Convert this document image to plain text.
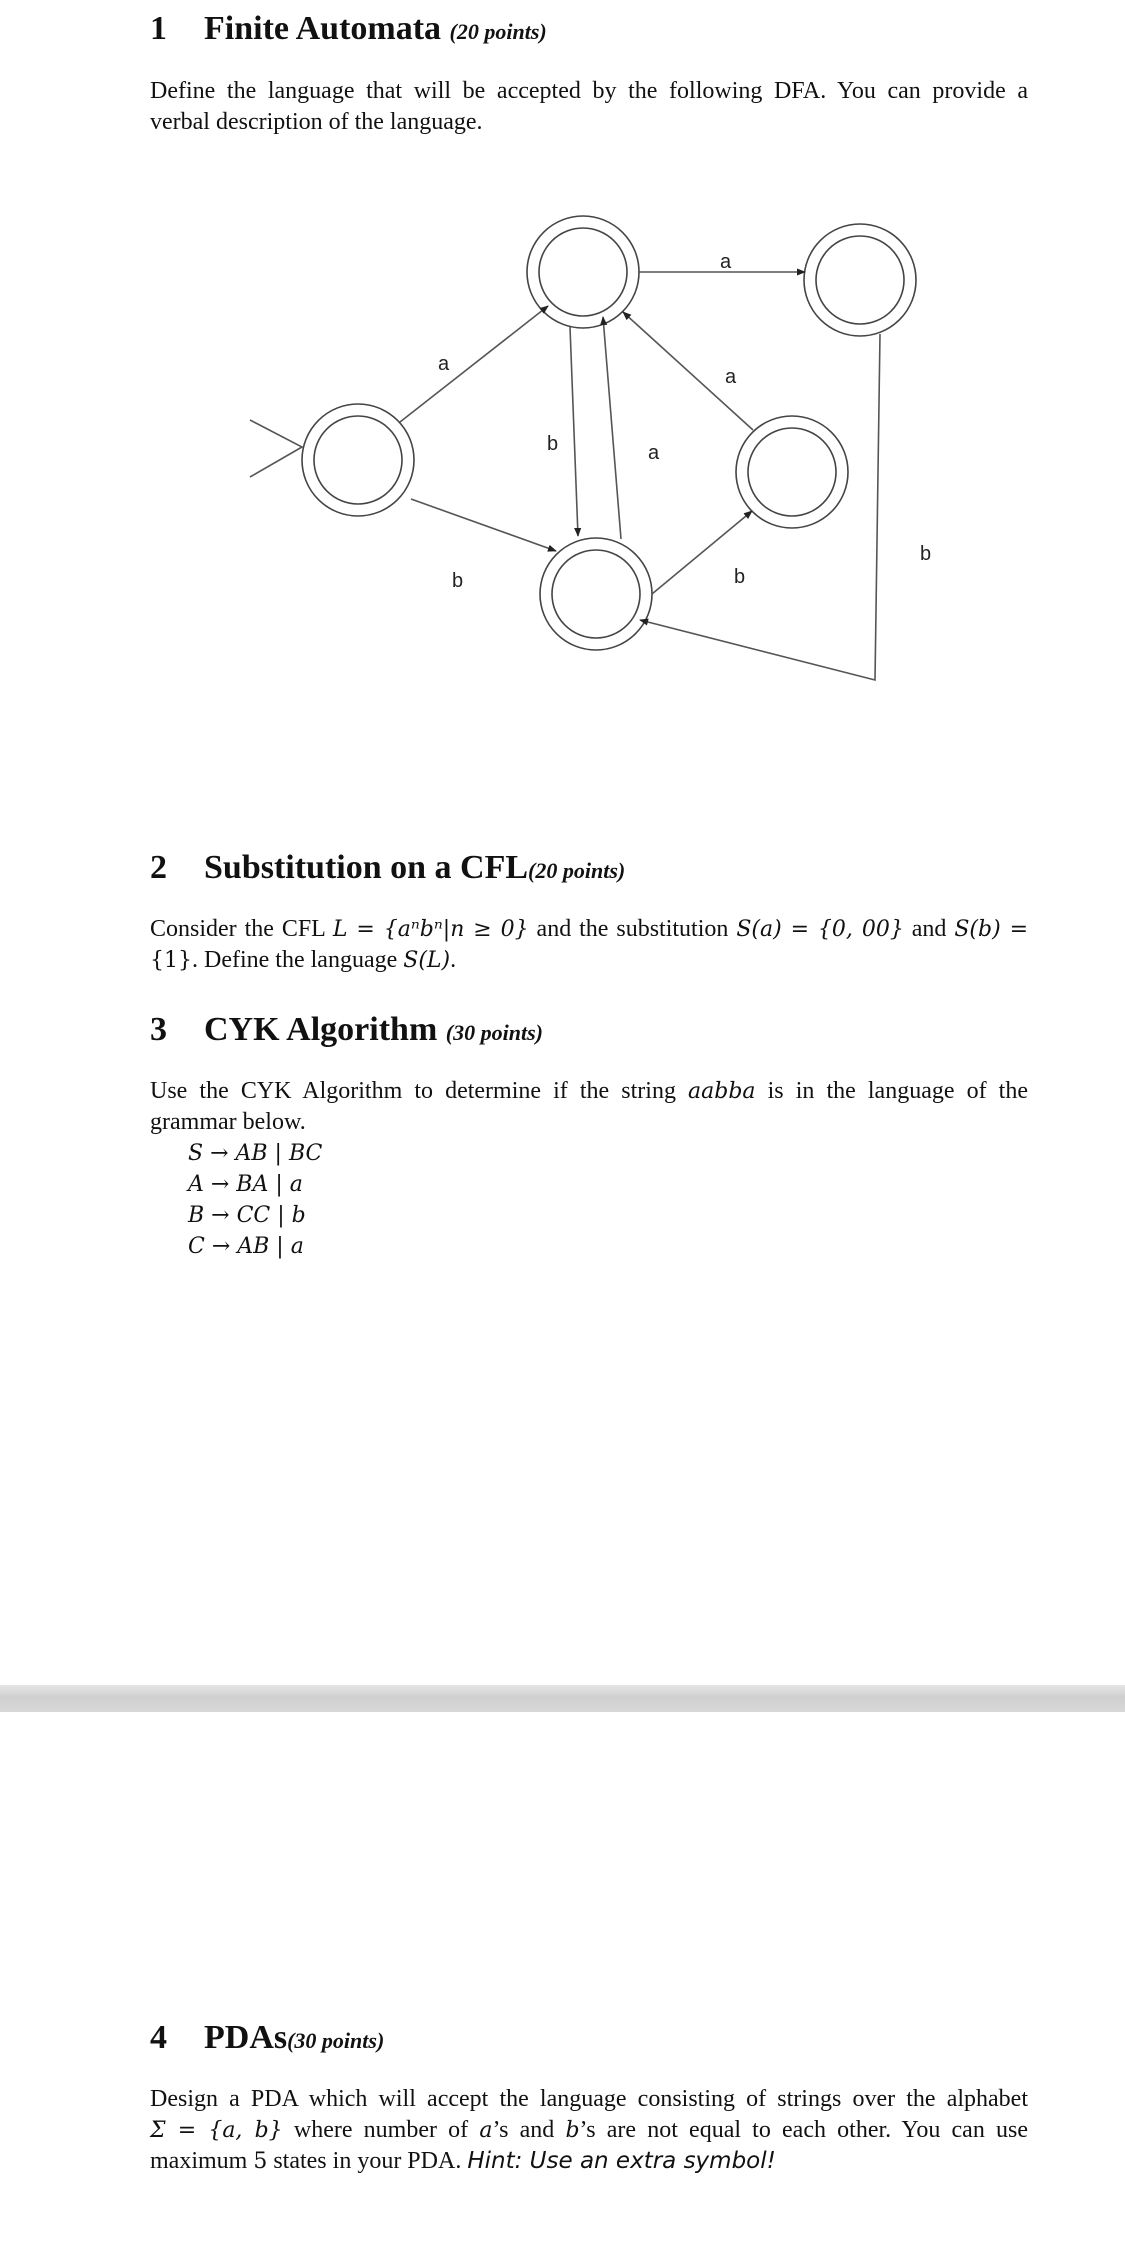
1 Finite Automata (20 points)

Define the language that will be accepted by the following DFA. You can provide a
verbal description of the language.

a
a
a
b	a
b
b	b
2 Substitution on a CFL(20 points)

Consider the CFL L = {aⁿbⁿ|n ≥ 0} and the substitution S(a) = {0, 00} and S(b) =
{1}. Define the language S(L).

3 CYK Algorithm (30 points)

Use the CYK Algorithm to determine if the string aabba is in the language of the
grammar below.

S → AB | BC
A → BA | a
B → CC | b
C → AB | a
4 PDAs(30 points)

Design a PDA which will accept the language consisting of strings over the alphabet
Σ = {a, b} where number of a’s and b’s are not equal to each other. You can use
maximum 5 states in your PDA. Hint: Use an extra symbol!
